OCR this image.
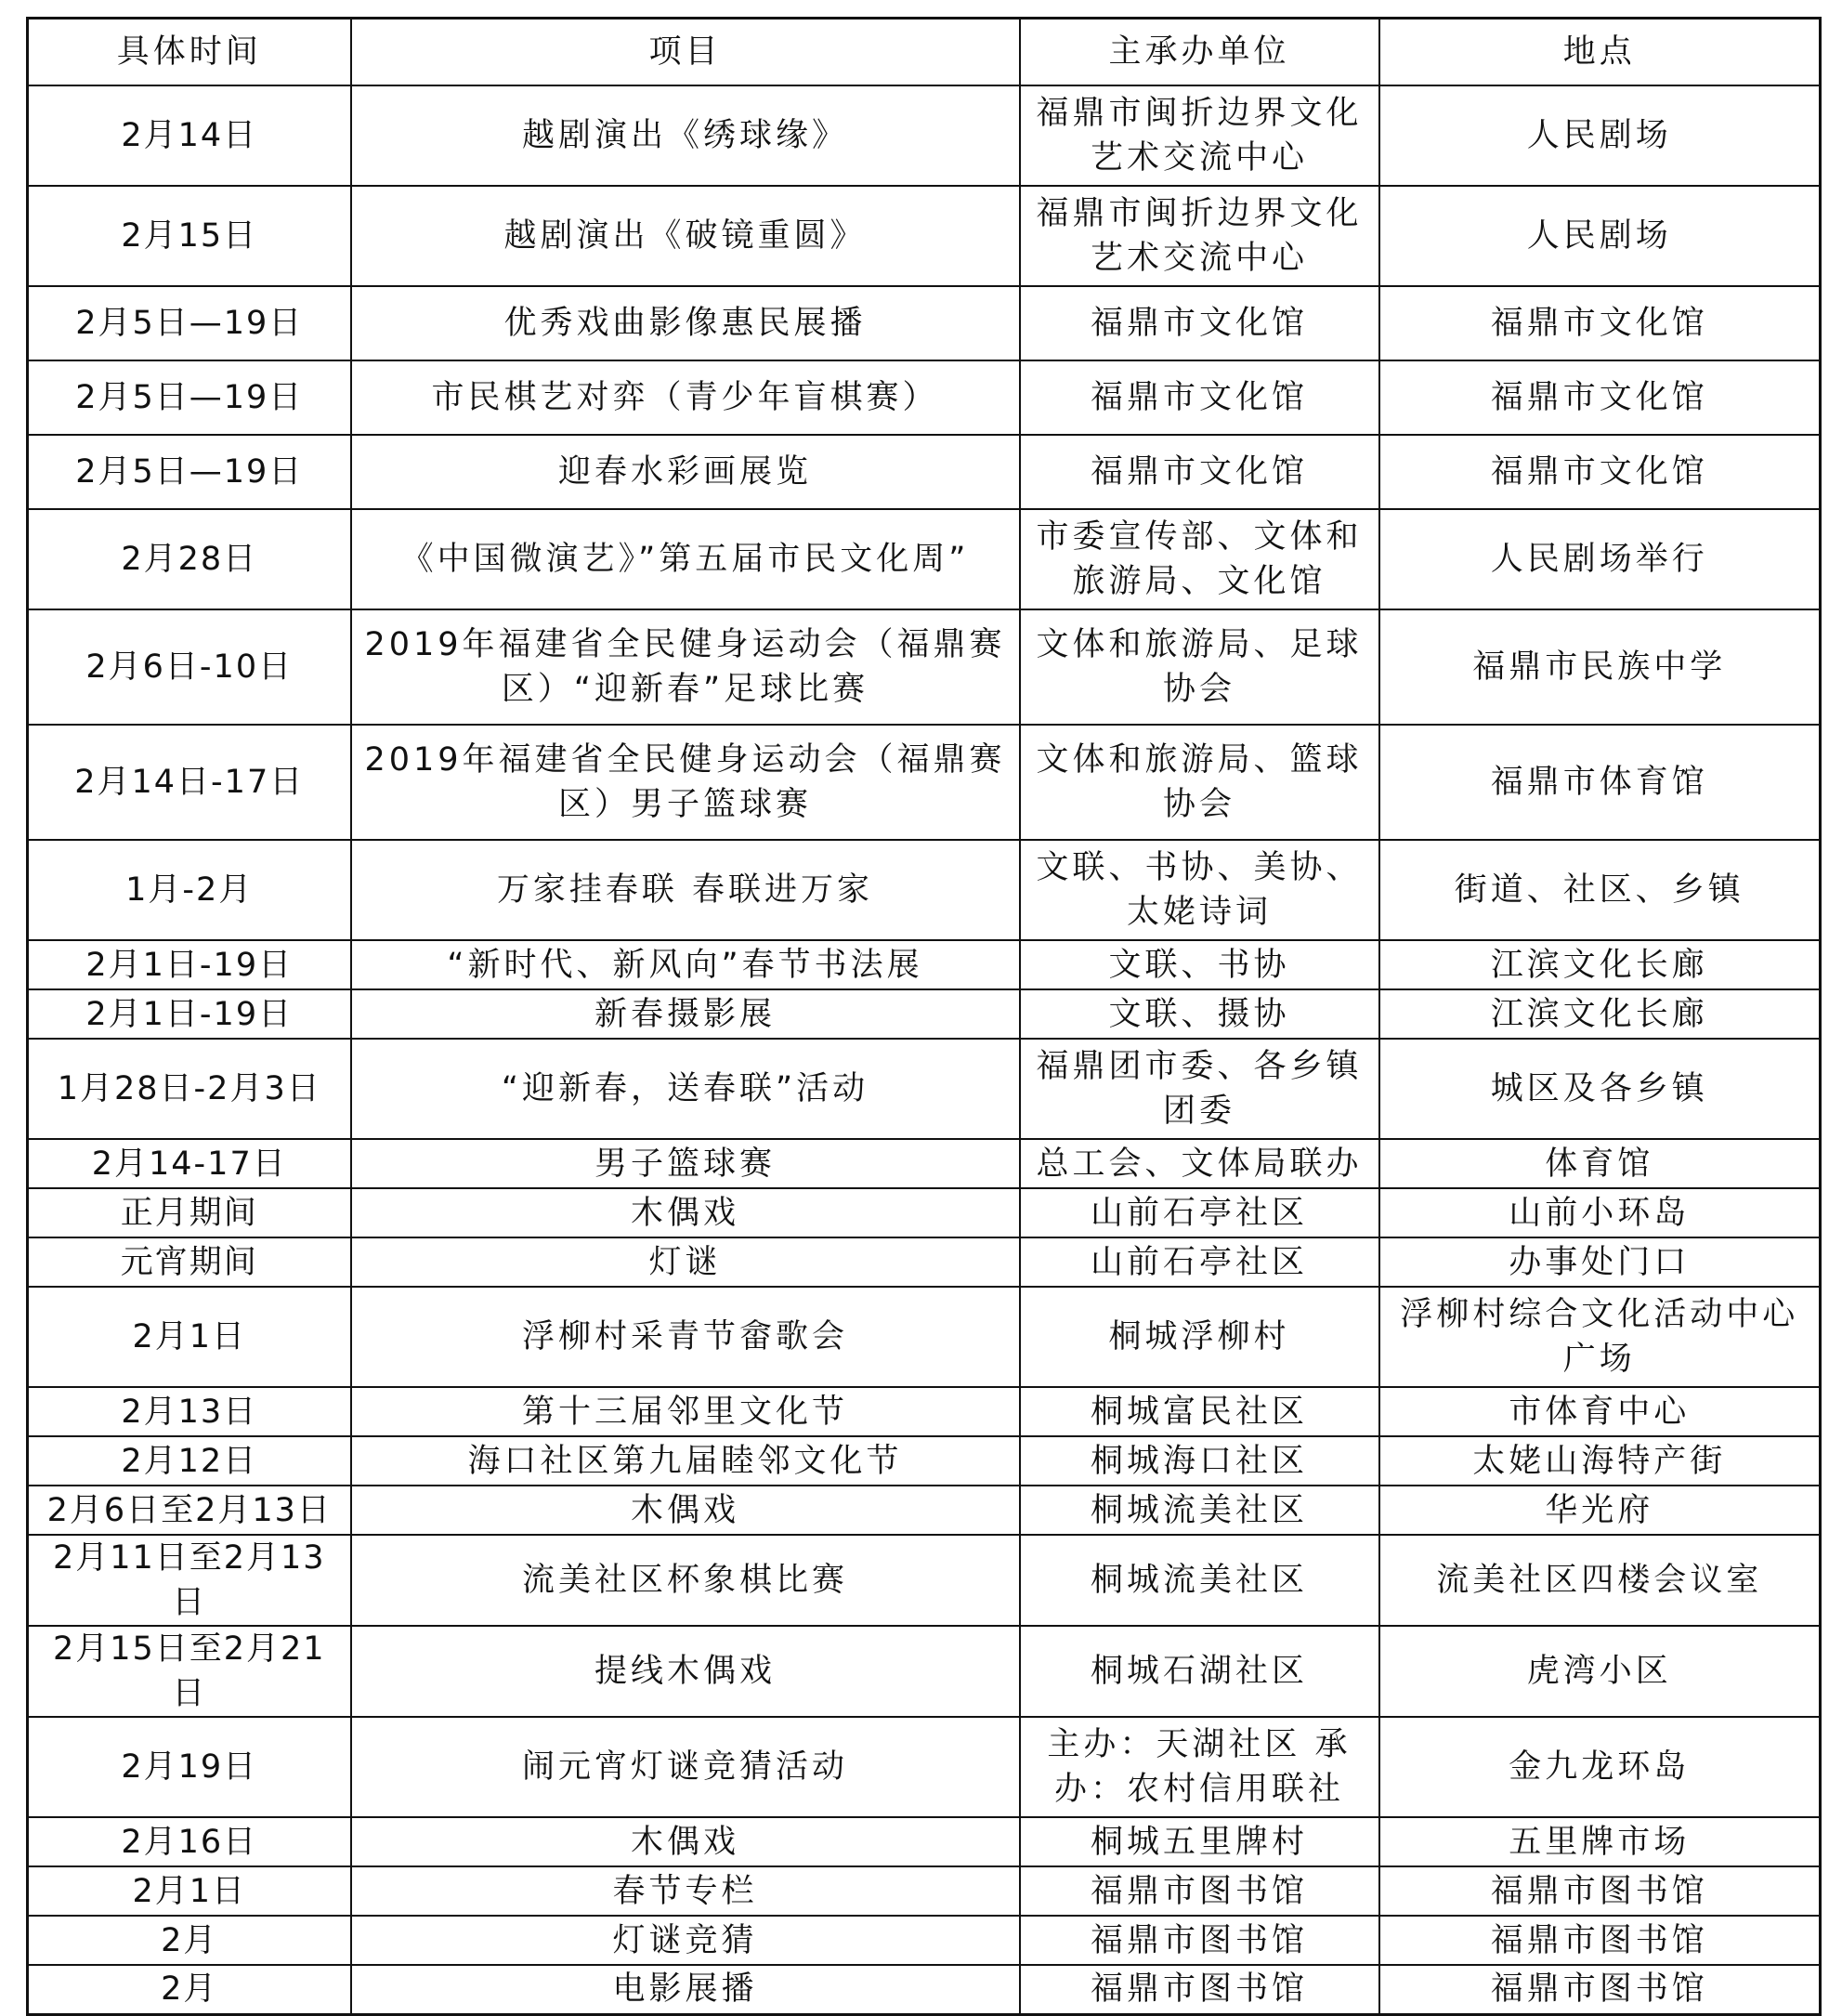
具体时间	项目	主承办单位	地点
2月14日	越剧演出《绣球缘》	福鼎市闽折边界文化艺术交流中心	人民剧场
2月15日	越剧演出《破镜重圆》	福鼎市闽折边界文化艺术交流中心	人民剧场
2月5日—19日	优秀戏曲影像惠民展播	福鼎市文化馆	福鼎市文化馆
2月5日—19日	市民棋艺对弈（青少年盲棋赛）	福鼎市文化馆	福鼎市文化馆
2月5日—19日	迎春水彩画展览	福鼎市文化馆	福鼎市文化馆
2月28日	《中国微演艺》”第五届市民文化周”	市委宣传部、文体和旅游局、文化馆	人民剧场举行
2月6日-10日	2019年福建省全民健身运动会（福鼎赛区）“迎新春”足球比赛	文体和旅游局、足球协会	福鼎市民族中学
2月14日-17日	2019年福建省全民健身运动会（福鼎赛区）男子篮球赛	文体和旅游局、篮球协会	福鼎市体育馆
1月-2月	万家挂春联 春联进万家	文联、书协、美协、太姥诗词	街道、社区、乡镇
2月1日-19日	“新时代、新风向”春节书法展	文联、书协	江滨文化长廊
2月1日-19日	新春摄影展	文联、摄协	江滨文化长廊
1月28日-2月3日	“迎新春，送春联”活动	福鼎团市委、各乡镇团委	城区及各乡镇
2月14-17日	男子篮球赛	总工会、文体局联办	体育馆
正月期间	木偶戏	山前石亭社区	山前小环岛
元宵期间	灯谜	山前石亭社区	办事处门口
2月1日	浮柳村采青节畲歌会	桐城浮柳村	浮柳村综合文化活动中心广场
2月13日	第十三届邻里文化节	桐城富民社区	市体育中心
2月12日	海口社区第九届睦邻文化节	桐城海口社区	太姥山海特产街
2月6日至2月13日	木偶戏	桐城流美社区	华光府
2月11日至2月13日	流美社区杯象棋比赛	桐城流美社区	流美社区四楼会议室
2月15日至2月21日	提线木偶戏	桐城石湖社区	虎湾小区
2月19日	闹元宵灯谜竞猜活动	主办：天湖社区 承办：农村信用联社	金九龙环岛
2月16日	木偶戏	桐城五里牌村	五里牌市场
2月1日	春节专栏	福鼎市图书馆	福鼎市图书馆
2月	灯谜竞猜	福鼎市图书馆	福鼎市图书馆
2月	电影展播	福鼎市图书馆	福鼎市图书馆
